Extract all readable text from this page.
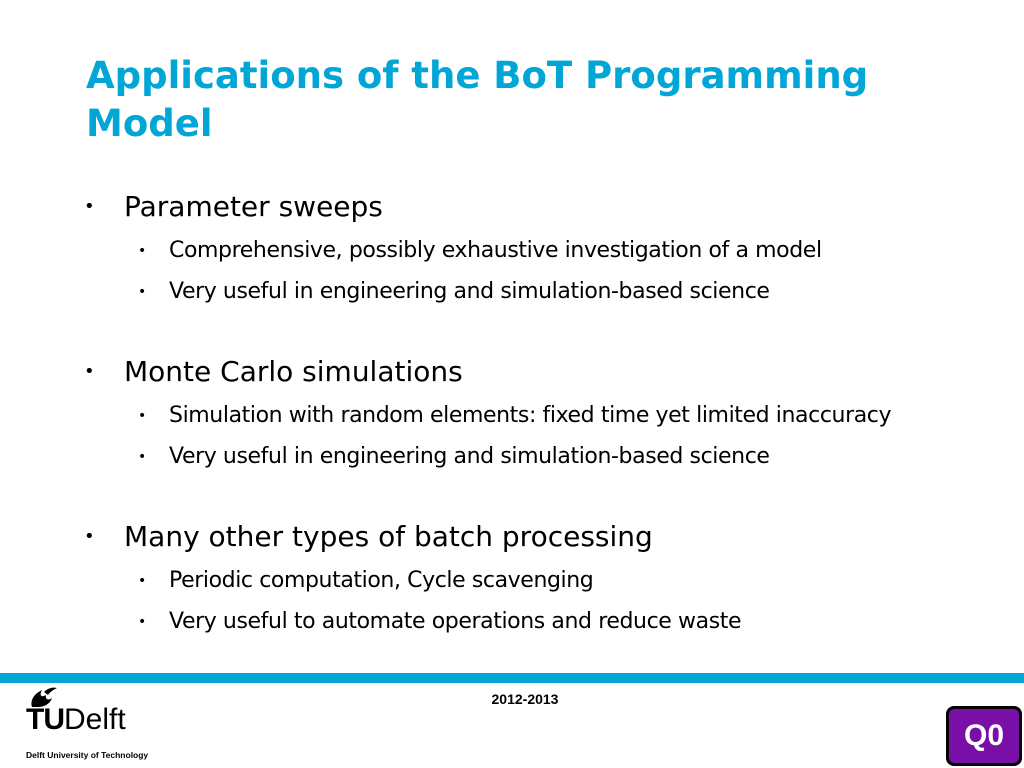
Applications of the BoT Programming Model
• Parameter sweeps
• Comprehensive, possibly exhaustive investigation of a model
• Very useful in engineering and simulation-based science
• Monte Carlo simulations
• Simulation with random elements: fixed time yet limited inaccuracy
• Very useful in engineering and simulation-based science
• Many other types of batch processing
• Periodic computation, Cycle scavenging
• Very useful to automate operations and reduce waste
TUDelft
Delft University of Technology
2012-2013
Q0
